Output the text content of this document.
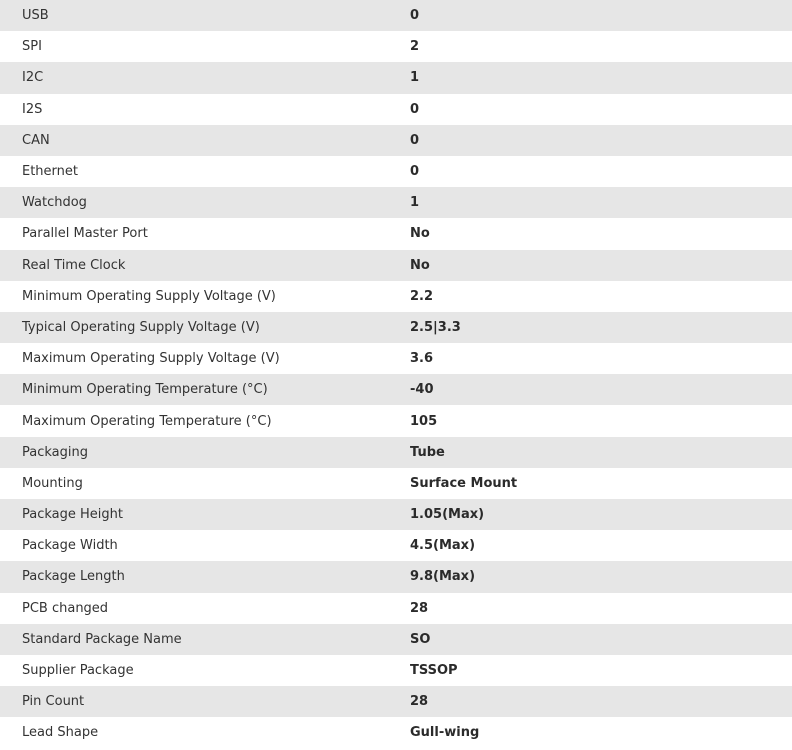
USB	0
SPI	2
I2C	1
I2S	0
CAN	0
Ethernet	0
Watchdog	1
Parallel Master Port	No
Real Time Clock	No
Minimum Operating Supply Voltage (V)	2.2
Typical Operating Supply Voltage (V)	2.5|3.3
Maximum Operating Supply Voltage (V)	3.6
Minimum Operating Temperature (°C)	-40
Maximum Operating Temperature (°C)	105
Packaging	Tube
Mounting	Surface Mount
Package Height	1.05(Max)
Package Width	4.5(Max)
Package Length	9.8(Max)
PCB changed	28
Standard Package Name	SO
Supplier Package	TSSOP
Pin Count	28
Lead Shape	Gull-wing
